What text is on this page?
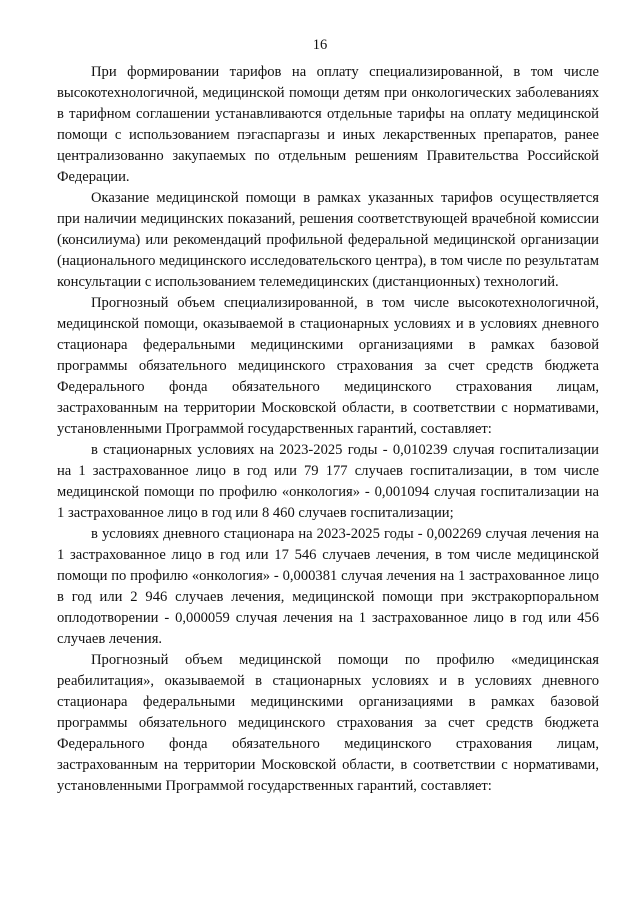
16

При формировании тарифов на оплату специализированной, в том числе высокотехнологичной, медицинской помощи детям при онкологических заболеваниях в тарифном соглашении устанавливаются отдельные тарифы на оплату медицинской помощи с использованием пэгаспаргазы и иных лекарственных препаратов, ранее централизованно закупаемых по отдельным решениям Правительства Российской Федерации.

Оказание медицинской помощи в рамках указанных тарифов осуществляется при наличии медицинских показаний, решения соответствующей врачебной комиссии (консилиума) или рекомендаций профильной федеральной медицинской организации (национального медицинского исследовательского центра), в том числе по результатам консультации с использованием телемедицинских (дистанционных) технологий.

Прогнозный объем специализированной, в том числе высокотехнологичной, медицинской помощи, оказываемой в стационарных условиях и в условиях дневного стационара федеральными медицинскими организациями в рамках базовой программы обязательного медицинского страхования за счет средств бюджета Федерального фонда обязательного медицинского страхования лицам, застрахованным на территории Московской области, в соответствии с нормативами, установленными Программой государственных гарантий, составляет:

в стационарных условиях на 2023-2025 годы - 0,010239 случая госпитализации на 1 застрахованное лицо в год или 79 177 случаев госпитализации, в том числе медицинской помощи по профилю «онкология» - 0,001094 случая госпитализации на 1 застрахованное лицо в год или 8 460 случаев госпитализации;

в условиях дневного стационара на 2023-2025 годы - 0,002269 случая лечения на 1 застрахованное лицо в год или 17 546 случаев лечения, в том числе медицинской помощи по профилю «онкология» - 0,000381 случая лечения на 1 застрахованное лицо в год или 2 946 случаев лечения, медицинской помощи при экстракорпоральном оплодотворении - 0,000059 случая лечения на 1 застрахованное лицо в год или 456 случаев лечения.

Прогнозный объем медицинской помощи по профилю «медицинская реабилитация», оказываемой в стационарных условиях и в условиях дневного стационара федеральными медицинскими организациями в рамках базовой программы обязательного медицинского страхования за счет средств бюджета Федерального фонда обязательного медицинского страхования лицам, застрахованным на территории Московской области, в соответствии с нормативами, установленными Программой государственных гарантий, составляет:
